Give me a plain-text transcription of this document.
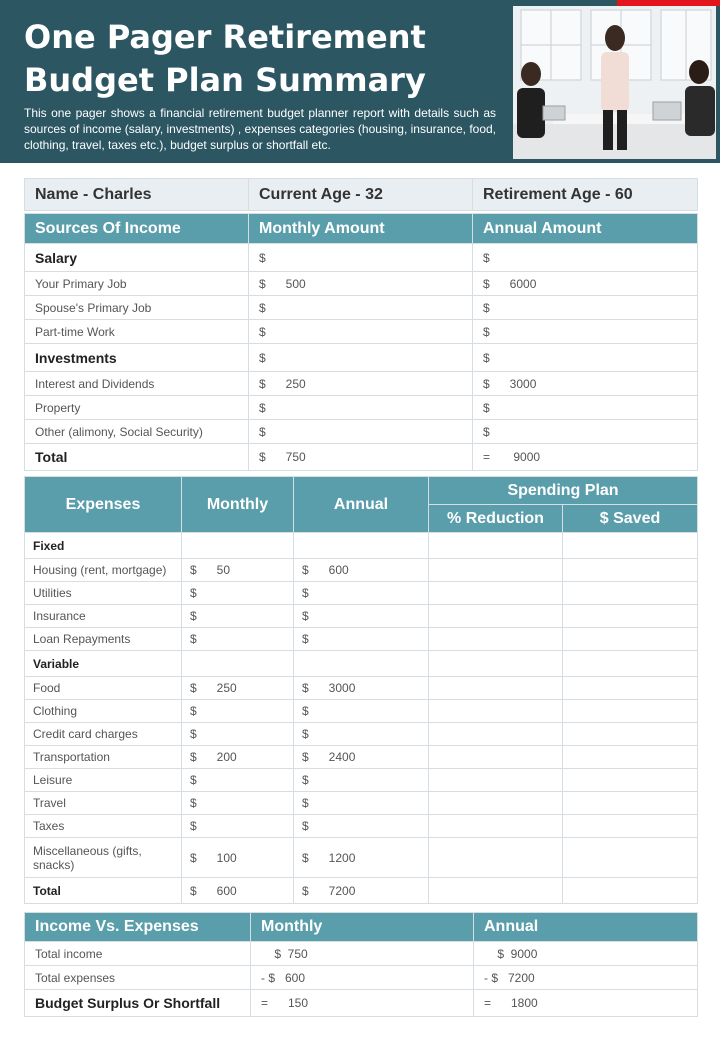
One Pager Retirement
Budget Plan Summary

This one pager shows a financial retirement budget planner report with details such as sources of income (salary, investments) , expenses categories (housing, insurance, food, clothing, travel, taxes etc.), budget surplus or shortfall etc.

Name - Charles	Current Age - 32	Retirement Age - 60
Sources Of Income	Monthly Amount	Annual Amount
Salary	$	$
Your Primary Job	$      500	$      6000
Spouse's Primary Job	$	$
Part-time Work	$	$
Investments	$	$
Interest and Dividends	$      250	$      3000
Property	$	$
Other (alimony, Social Security)	$	$
Total	$      750	=       9000
Expenses	Monthly	Annual	Spending Plan	
			% Reduction	$ Saved
Fixed				
Housing (rent, mortgage)	$      50	$      600		
Utilities	$	$		
Insurance	$	$		
Loan Repayments	$	$		
Variable				
Food	$      250	$      3000		
Clothing	$	$		
Credit card charges	$	$		
Transportation	$      200	$      2400		
Leisure	$	$		
Travel	$	$		
Taxes	$	$		
Miscellaneous (gifts, snacks)	$      100	$      1200		
Total	$      600	$      7200		
Income Vs. Expenses	Monthly	Annual
Total income	$  750	$  9000
Total expenses	- $   600	- $   7200
Budget Surplus Or Shortfall	=      150	=      1800
